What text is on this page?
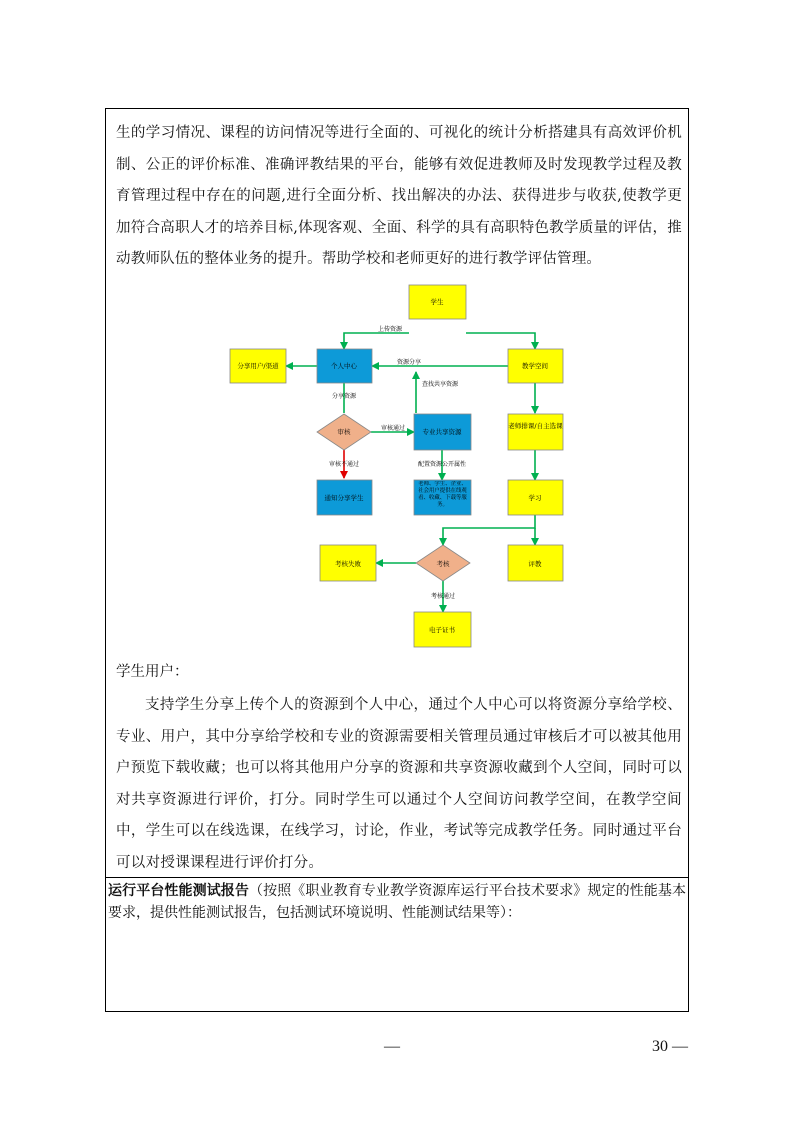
生的学习情况、课程的访问情况等进行全面的、可视化的统计分析搭建具有高效评价机制、公正的评价标准、准确评教结果的平台，能够有效促进教师及时发现教学过程及教育管理过程中存在的问题,进行全面分析、找出解决的办法、获得进步与收获,使教学更加符合高职人才的培养目标,体现客观、全面、科学的具有高职特色教学质量的评估，推动教师队伍的整体业务的提升。帮助学校和老师更好的进行教学评估管理。

学生
分享用户/渠道	个人中心	教学空间
审核	专业共享资源
通知分享学生	学习
考核失败	考核	评教
电子证书
老师排课/自主选课
老师、学生、企业、社会用户提供在线观看、收藏、下载等服务。
上传资源
资源分享
查找共享资源
分享资源
审核通过
审核不通过	配置资源公开属性
考核通过

学生用户：

支持学生分享上传个人的资源到个人中心，通过个人中心可以将资源分享给学校、专业、用户，其中分享给学校和专业的资源需要相关管理员通过审核后才可以被其他用户预览下载收藏；也可以将其他用户分享的资源和共享资源收藏到个人空间，同时可以对共享资源进行评价，打分。同时学生可以通过个人空间访问教学空间，在教学空间中，学生可以在线选课，在线学习，讨论，作业，考试等完成教学任务。同时通过平台可以对授课课程进行评价打分。

运行平台性能测试报告（按照《职业教育专业教学资源库运行平台技术要求》规定的性能基本要求，提供性能测试报告，包括测试环境说明、性能测试结果等）：

—	30 —
